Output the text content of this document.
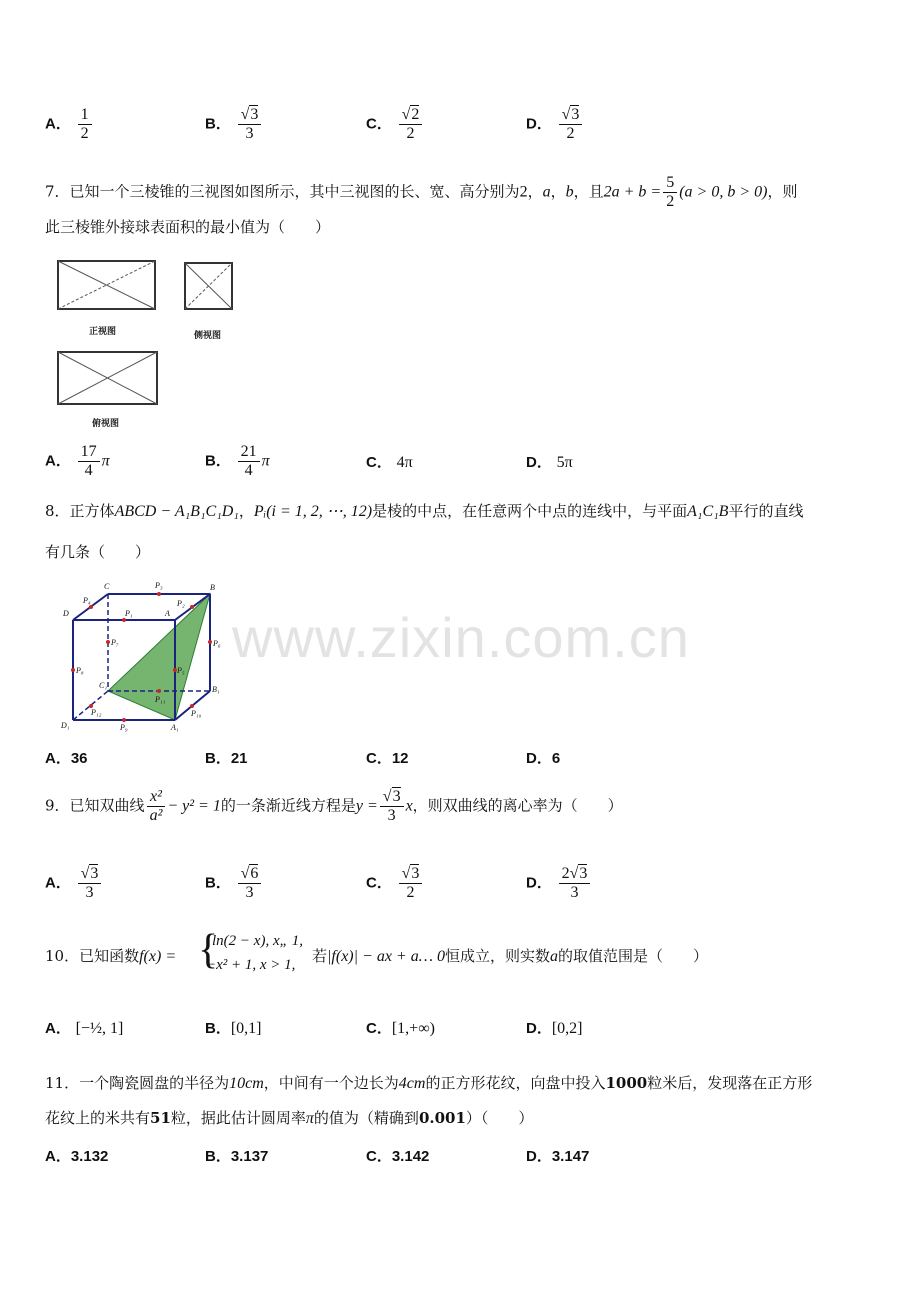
A． $\frac{1}{2}$	B． $\frac{√3}{3}$	C． $\frac{√2}{2}$	D． $\frac{√3}{2}$
7．已知一个三棱锥的三视图如图所示，其中三视图的长、宽、高分别为2，a，b，且$2a + b = \frac{5}{2} (a > 0$, b > 0)，则
此三棱锥外接球表面积的最小值为（　　）
正视图	侧视图
俯视图
A． $\frac{17}{4}$ π	B． $\frac{21}{4}$ π	C． 4π	D． 5π
8．正方体ABCD − A₁B₁C₁D₁，Pᵢ(i = 1, 2, ⋯, 12)是棱的中点，在任意两个中点的连线中，与平面A₁C₁B平行的直线
有几条（　　）
C	P₃	B
P₄	P₂
P₁	A
D
P₇	P₆
P₈	P₅
C₁	B₁
P₁₁
P₁₂	P₁₀
D₁	P₉	A₁
www.zixin.com.cn
A．36	B．21	C．12	D．6
9．已知双曲线 $\frac{\text{x²}}{\text{a²}} - y^2 = 1$的一条渐近线方程是$y = \frac{√3}{3}$ x，则双曲线的离心率为（　　）
A． $\frac{√3}{3}$	B． $\frac{√6}{3}$	C． $\frac{√3}{2}$	D． $\frac{2√3}{3}$
10．已知函数f(x) = {
ln(2 − x), x„ 1,
−x² + 1, x > 1, 若|f(x)| − ax + a… 0恒成立，则实数a的取值范围是（　　）
A． [−½, 1]	B．[0,1]	C．[1,+∞)	D．[0,2]
11．一个陶瓷圆盘的半径为10cm，中间有一个边长为4cm的正方形花纹，向盘中投入1000粒米后，发现落在正方形
花纹上的米共有51粒，据此估计圆周率π的值为（精确到0.001）（　　）
A．3.132	B．3.137	C．3.142	D．3.147
